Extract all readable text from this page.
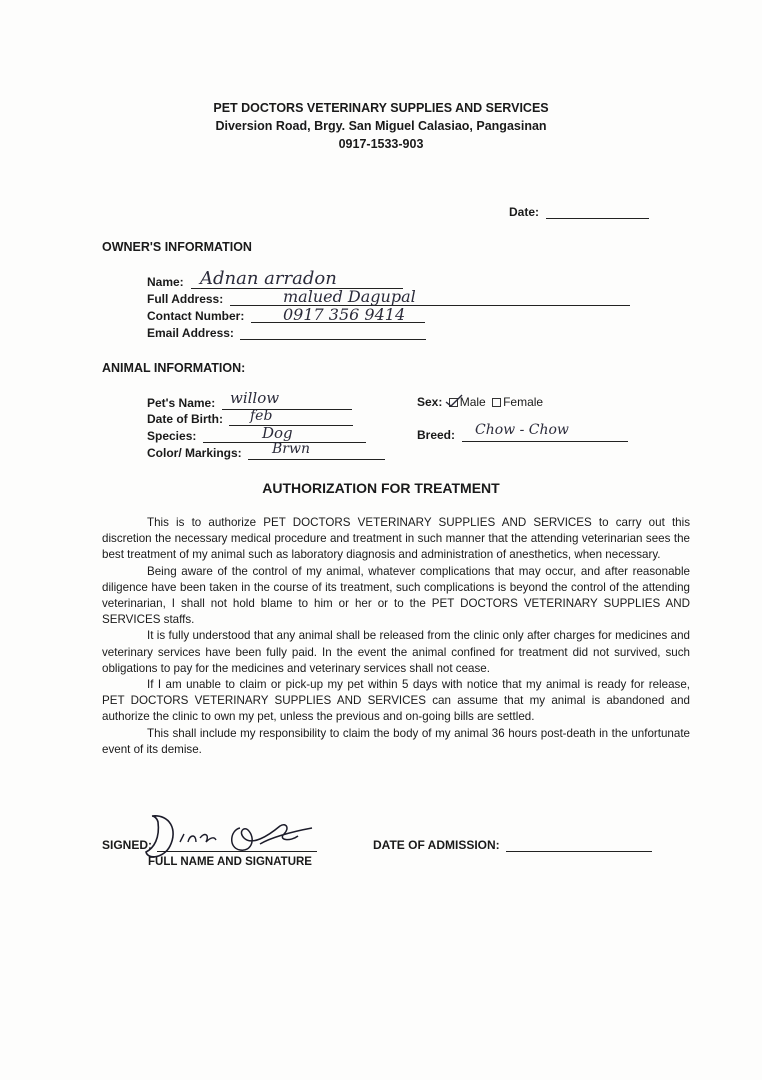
PET DOCTORS VETERINARY SUPPLIES AND SERVICES
Diversion Road, Brgy. San Miguel Calasiao, Pangasinan
0917-1533-903
Date:
OWNER'S INFORMATION
Name: Adnan arradon
Full Address:	malued Dagupal
Contact Number:	0917 356 9414
Email Address:
ANIMAL INFORMATION:
Pet's Name: willow
Date of Birth:	feb
Species:	Dog
Color/ Markings:	Brwn
Sex: Male Female
Breed:	Chow - Chow
AUTHORIZATION FOR TREATMENT

This is to authorize PET DOCTORS VETERINARY SUPPLIES AND SERVICES to carry out this discretion the necessary medical procedure and treatment in such manner that the attending veterinarian sees the best treatment of my animal such as laboratory diagnosis and administration of anesthetics, when necessary.

Being aware of the control of my animal, whatever complications that may occur, and after reasonable diligence have been taken in the course of its treatment, such complications is beyond the control of the attending veterinarian, I shall not hold blame to him or her or to the PET DOCTORS VETERINARY SUPPLIES AND SERVICES staffs.

It is fully understood that any animal shall be released from the clinic only after charges for medicines and veterinary services have been fully paid. In the event the animal confined for treatment did not survived, such obligations to pay for the medicines and veterinary services shall not cease.

If I am unable to claim or pick-up my pet within 5 days with notice that my animal is ready for release, PET DOCTORS VETERINARY SUPPLIES AND SERVICES can assume that my animal is abandoned and authorize the clinic to own my pet, unless the previous and on-going bills are settled.

This shall include my responsibility to claim the body of my animal 36 hours post-death in the unfortunate event of its demise.

SIGNED:
FULL NAME AND SIGNATURE
DATE OF ADMISSION:
